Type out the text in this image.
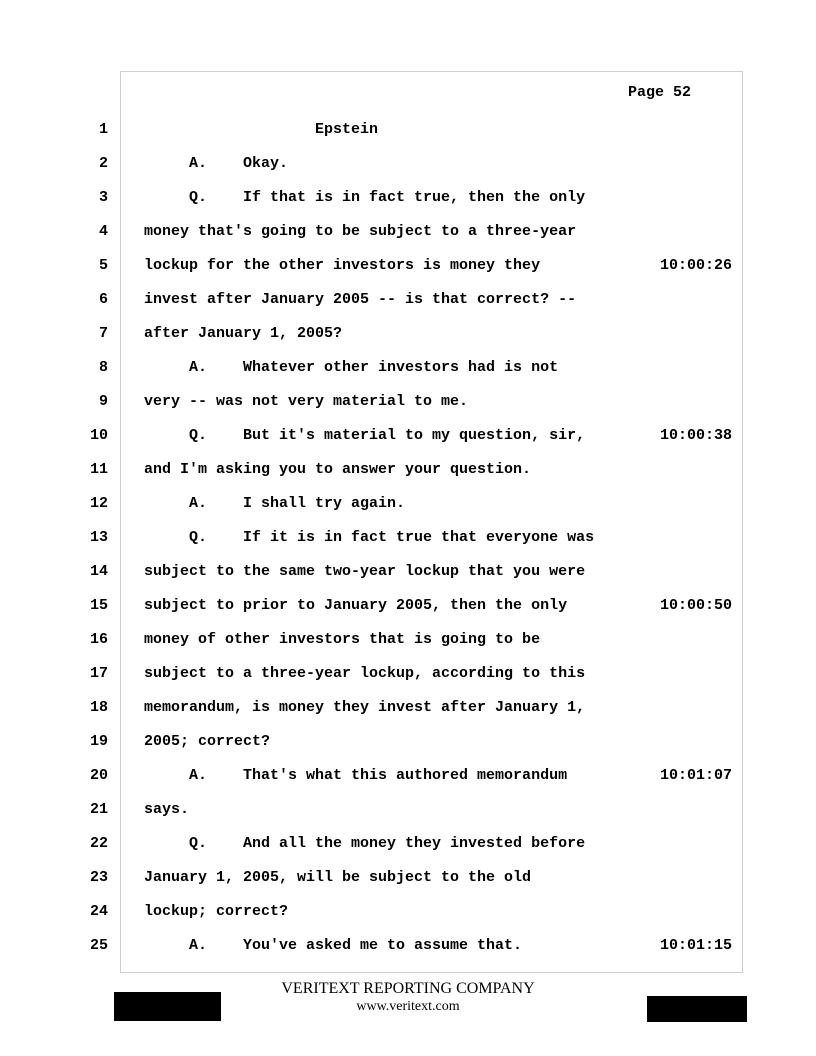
Page 52
1 Epstein
2 A.    Okay.
3 Q.    If that is in fact true, then the only
4 money that's going to be subject to a three-year
5 lockup for the other investors is money they	10:00:26
6 invest after January 2005 -- is that correct? --
7 after January 1, 2005?
8 A.    Whatever other investors had is not
9 very -- was not very material to me.
10 Q.    But it's material to my question, sir,	10:00:38
11 and I'm asking you to answer your question.
12 A.    I shall try again.
13 Q.    If it is in fact true that everyone was
14 subject to the same two-year lockup that you were
15 subject to prior to January 2005, then the only	10:00:50
16 money of other investors that is going to be
17 subject to a three-year lockup, according to this
18 memorandum, is money they invest after January 1,
19 2005; correct?
20 A.    That's what this authored memorandum	10:01:07
21 says.
22 Q.    And all the money they invested before
23 January 1, 2005, will be subject to the old
24 lockup; correct?
25 A.    You've asked me to assume that.	10:01:15
VERITEXT REPORTING COMPANY
www.veritext.com
